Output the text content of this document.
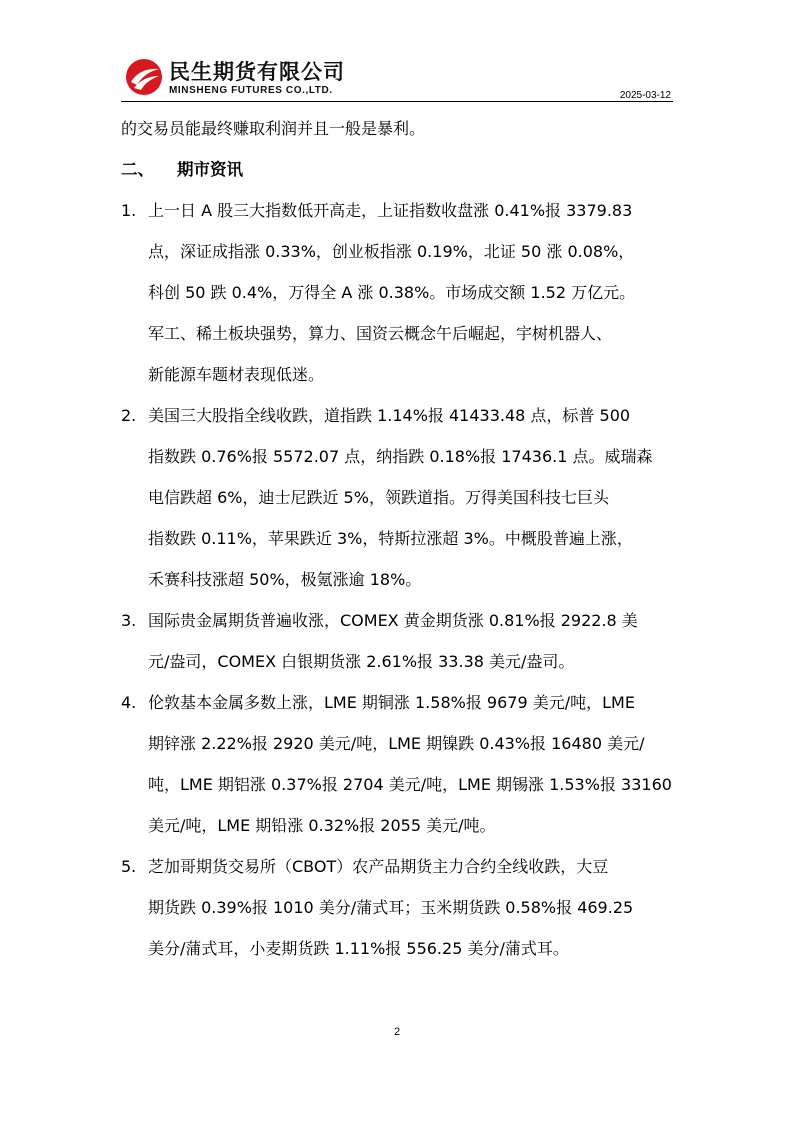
民生期货有限公司
MINSHENG FUTURES CO.,LTD.	2025-03-12

的交易员能最终赚取利润并且一般是暴利。

二、 期市资讯
1. 上一日 A 股三大指数低开高走，上证指数收盘涨 0.41%报 3379.83
点，深证成指涨 0.33%，创业板指涨 0.19%，北证 50 涨 0.08%，
科创 50 跌 0.4%，万得全 A 涨 0.38%。市场成交额 1.52 万亿元。
军工、稀土板块强势，算力、国资云概念午后崛起，宇树机器人、
新能源车题材表现低迷。
2. 美国三大股指全线收跌，道指跌 1.14%报 41433.48 点，标普 500
指数跌 0.76%报 5572.07 点，纳指跌 0.18%报 17436.1 点。威瑞森
电信跌超 6%，迪士尼跌近 5%，领跌道指。万得美国科技七巨头
指数跌 0.11%，苹果跌近 3%，特斯拉涨超 3%。中概股普遍上涨，
禾赛科技涨超 50%，极氪涨逾 18%。
3. 国际贵金属期货普遍收涨，COMEX 黄金期货涨 0.81%报 2922.8 美
元/盎司，COMEX 白银期货涨 2.61%报 33.38 美元/盎司。
4. 伦敦基本金属多数上涨，LME 期铜涨 1.58%报 9679 美元/吨，LME
期锌涨 2.22%报 2920 美元/吨，LME 期镍跌 0.43%报 16480 美元/
吨，LME 期铝涨 0.37%报 2704 美元/吨，LME 期锡涨 1.53%报 33160
美元/吨，LME 期铅涨 0.32%报 2055 美元/吨。
5. 芝加哥期货交易所（CBOT）农产品期货主力合约全线收跌，大豆
期货跌 0.39%报 1010 美分/蒲式耳；玉米期货跌 0.58%报 469.25
美分/蒲式耳，小麦期货跌 1.11%报 556.25 美分/蒲式耳。
2
